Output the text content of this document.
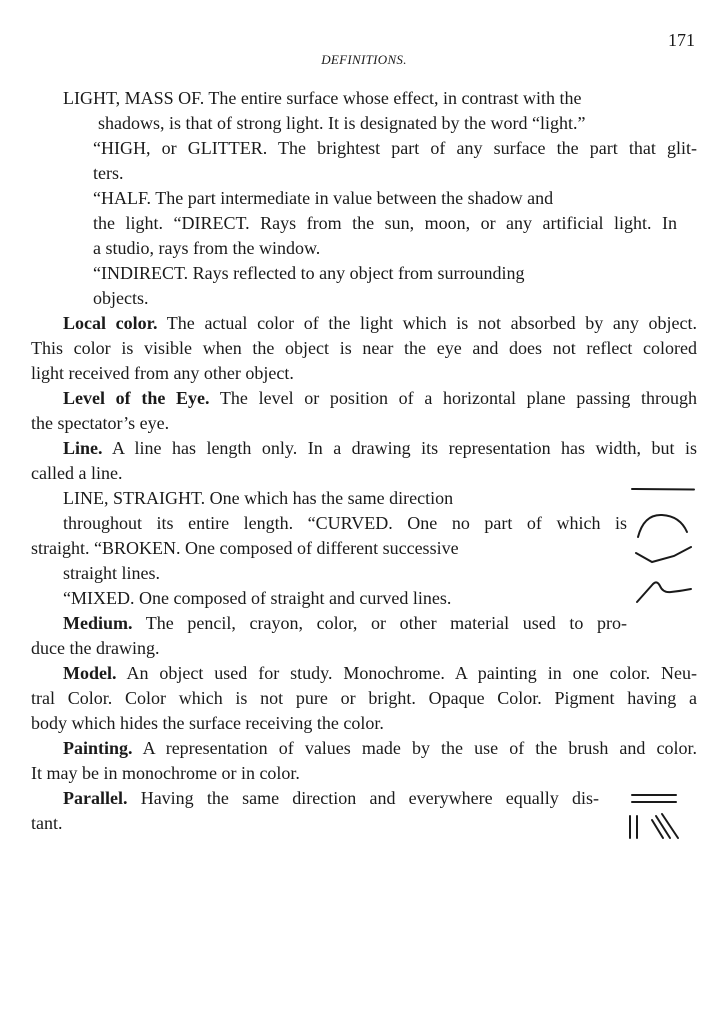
171
DEFINITIONS.
LIGHT, MASS OF. The entire surface whose effect, in contrast with the
shadows, is that of strong light. It is designated by the word “light.”
“HIGH, or GLITTER. The brightest part of any surface the part that glit-
ters.
“HALF. The part intermediate in value between the shadow and
the light. “DIRECT. Rays from the sun, moon, or any artificial light. In
a studio, rays from the window.
“INDIRECT. Rays reflected to any object from surrounding
objects.
Local color. The actual color of the light which is not absorbed by any object.
This color is visible when the object is near the eye and does not reflect colored
light received from any other object.
Level of the Eye. The level or position of a horizontal plane passing through
the spectator’s eye.
Line. A line has length only. In a drawing its representation has width, but is
called a line.
LINE, STRAIGHT. One which has the same direction
throughout its entire length. “CURVED. One no part of which is
straight. “BROKEN. One composed of different successive
straight lines.
“MIXED. One composed of straight and curved lines.
Medium. The pencil, crayon, color, or other material used to pro-
duce the drawing.
Model. An object used for study. Monochrome. A painting in one color. Neu-
tral Color. Color which is not pure or bright. Opaque Color. Pigment having a
body which hides the surface receiving the color.
Painting. A representation of values made by the use of the brush and color.
It may be in monochrome or in color.
Parallel. Having the same direction and everywhere equally dis-
tant.
